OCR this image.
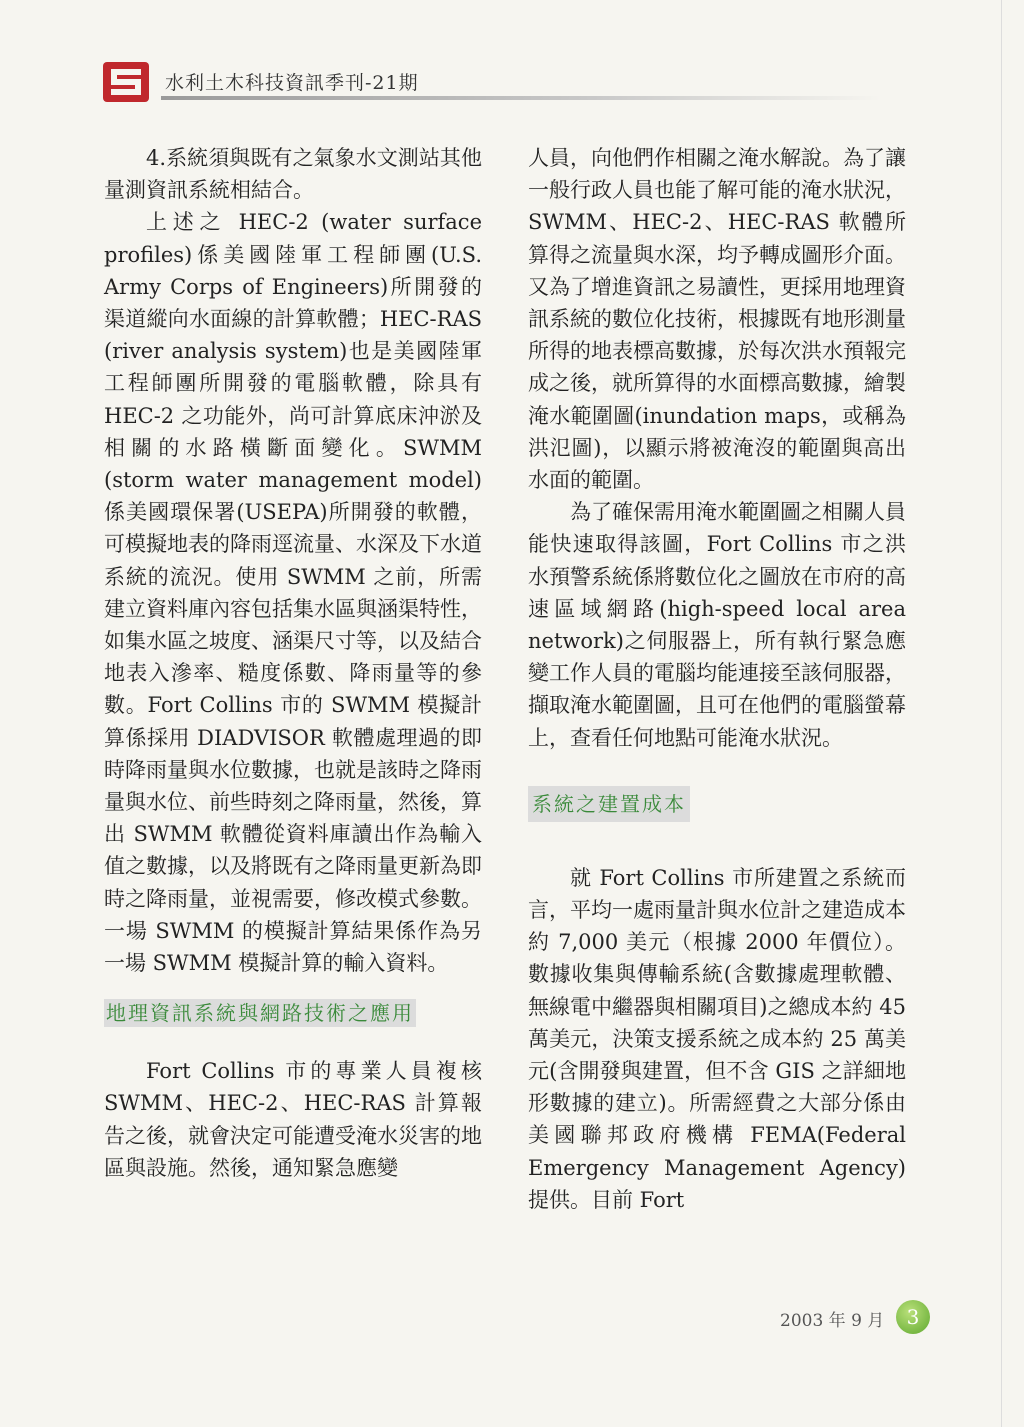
水利土木科技資訊季刊-21期

4.系統須與既有之氣象水文測站其他量測資訊系統相結合。

上述之 HEC-2 (water surface profiles)係美國陸軍工程師團(U.S. Army Corps of Engineers)所開發的渠道縱向水面線的計算軟體；HEC-RAS (river analysis system)也是美國陸軍工程師團所開發的電腦軟體，除具有 HEC-2 之功能外，尚可計算底床沖淤及相關的水路橫斷面變化。SWMM (storm water management model)係美國環保署(USEPA)所開發的軟體，可模擬地表的降雨逕流量、水深及下水道系統的流況。使用 SWMM 之前，所需建立資料庫內容包括集水區與涵渠特性，如集水區之坡度、涵渠尺寸等，以及結合地表入滲率、糙度係數、降雨量等的參數。Fort Collins 市的 SWMM 模擬計算係採用 DIADVISOR 軟體處理過的即時降雨量與水位數據，也就是該時之降雨量與水位、前些時刻之降雨量，然後，算出 SWMM 軟體從資料庫讀出作為輸入值之數據，以及將既有之降雨量更新為即時之降雨量，並視需要，修改模式參數。一場 SWMM 的模擬計算結果係作為另一場 SWMM 模擬計算的輸入資料。

地理資訊系統與網路技術之應用

Fort Collins 市的專業人員複核 SWMM、HEC-2、HEC-RAS 計算報告之後，就會決定可能遭受淹水災害的地區與設施。然後，通知緊急應變

人員，向他們作相關之淹水解說。為了讓一般行政人員也能了解可能的淹水狀況，SWMM、HEC-2、HEC-RAS 軟體所算得之流量與水深，均予轉成圖形介面。又為了增進資訊之易讀性，更採用地理資訊系統的數位化技術，根據既有地形測量所得的地表標高數據，於每次洪水預報完成之後，就所算得的水面標高數據，繪製淹水範圍圖(inundation maps，或稱為洪氾圖)，以顯示將被淹沒的範圍與高出水面的範圍。

為了確保需用淹水範圍圖之相關人員能快速取得該圖，Fort Collins 市之洪水預警系統係將數位化之圖放在市府的高速區域網路(high-speed local area network)之伺服器上，所有執行緊急應變工作人員的電腦均能連接至該伺服器，擷取淹水範圍圖，且可在他們的電腦螢幕上，查看任何地點可能淹水狀況。

系統之建置成本

就 Fort Collins 市所建置之系統而言，平均一處雨量計與水位計之建造成本約 7,000 美元（根據 2000 年價位）。數據收集與傳輸系統(含數據處理軟體、無線電中繼器與相關項目)之總成本約 45 萬美元，決策支援系統之成本約 25 萬美元(含開發與建置，但不含 GIS 之詳細地形數據的建立)。所需經費之大部分係由美國聯邦政府機構 FEMA(Federal Emergency Management Agency)提供。目前 Fort

2003 年 9 月	3
